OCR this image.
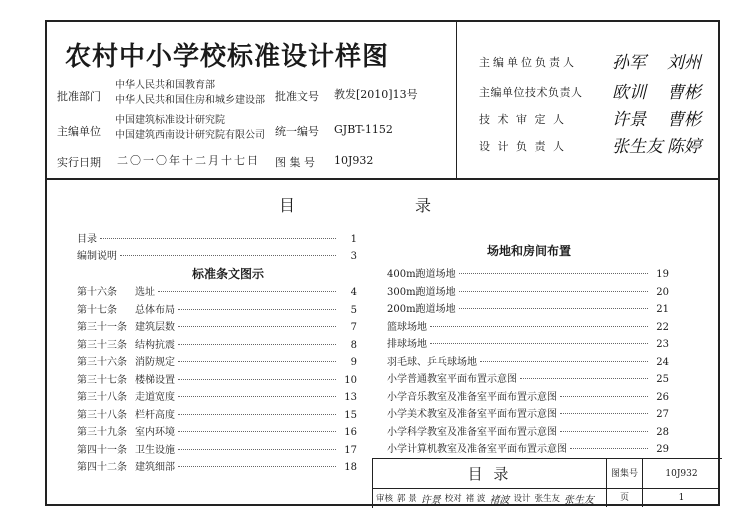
农村中小学校标准设计样图
批准部门
中华人民共和国教育部
中华人民共和国住房和城乡建设部 批准文号 教发[2010]13号
主编单位
中国建筑标准设计研究院
中国建筑西南设计研究院有限公司 统一编号 GJBT-1152
实行日期 二〇一〇年十二月十七日 图 集 号 10J932
主编单位负责人 孙军 刘州
主编单位技术负责人 欧训 曹彬
技 术 审 定 人	许景 曹彬
设 计 负 责 人	张生友 陈婷
目	录
目录	1
编制说明	3
标准条文图示
第十六条	选址	4
第十七条	总体布局	5
第三十一条 建筑层数	7
第三十三条 结构抗震	8
第三十六条 消防规定	9
第三十七条 楼梯设置	10
第三十八条 走道宽度	13
第三十八条 栏杆高度	15
第三十九条 室内环境	16
第四十一条 卫生设施	17
第四十二条 建筑细部	18
场地和房间布置
400m跑道场地	19
300m跑道场地	20
200m跑道场地	21
篮球场地	22
排球场地	23
羽毛球、乒乓球场地	24
小学普通教室平面布置示意图	25
小学音乐教室及准备室平面布置示意图	26
小学美术教室及准备室平面布置示意图	27
小学科学教室及准备室平面布置示意图	28
小学计算机教室及准备室平面布置示意图	29
目 录	图集号	10J932
审核 郭 景 许景 校对 褚 波 褚波 设计 张生友 张生友	页	1
